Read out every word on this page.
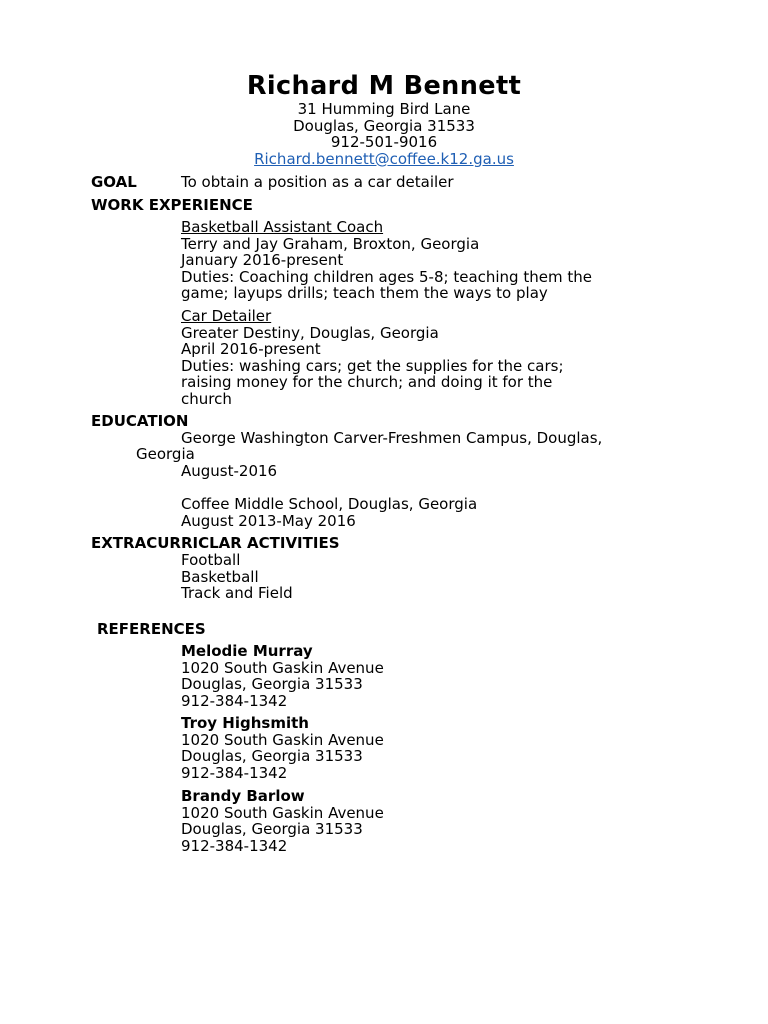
Richard M Bennett
31 Humming Bird Lane
Douglas, Georgia 31533
912-501-9016
Richard.bennett@coffee.k12.ga.us
GOAL	To obtain a position as a car detailer
WORK EXPERIENCE
Basketball Assistant Coach
Terry and Jay Graham, Broxton, Georgia
January 2016-present
Duties: Coaching children ages 5-8; teaching them the
game; layups drills; teach them the ways to play
Car Detailer
Greater Destiny, Douglas, Georgia
April 2016-present
Duties: washing cars; get the supplies for the cars;
raising money for the church; and doing it for the
church
EDUCATION
George Washington Carver-Freshmen Campus, Douglas,
Georgia
August-2016
Coffee Middle School, Douglas, Georgia
August 2013-May 2016
EXTRACURRICLAR ACTIVITIES
Football
Basketball
Track and Field
REFERENCES
Melodie Murray
1020 South Gaskin Avenue
Douglas, Georgia 31533
912-384-1342
Troy Highsmith
1020 South Gaskin Avenue
Douglas, Georgia 31533
912-384-1342
Brandy Barlow
1020 South Gaskin Avenue
Douglas, Georgia 31533
912-384-1342
